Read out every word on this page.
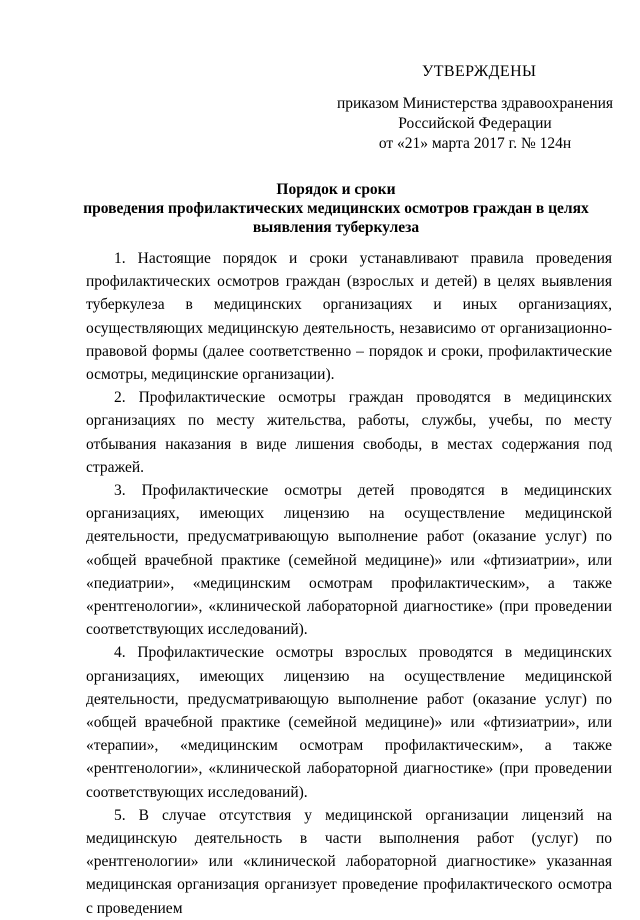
УТВЕРЖДЕНЫ
приказом Министерства здравоохранения
Российской Федерации
от «21» марта 2017 г. № 124н
Порядок и сроки
проведения профилактических медицинских осмотров граждан в целях
выявления туберкулеза

1. Настоящие порядок и сроки устанавливают правила проведения профилактических осмотров граждан (взрослых и детей) в целях выявления туберкулеза в медицинских организациях и иных организациях, осуществляющих медицинскую деятельность, независимо от организационно-правовой формы (далее соответственно – порядок и сроки, профилактические осмотры, медицинские организации).

2. Профилактические осмотры граждан проводятся в медицинских организациях по месту жительства, работы, службы, учебы, по месту отбывания наказания в виде лишения свободы, в местах содержания под стражей.

3. Профилактические осмотры детей проводятся в медицинских организациях, имеющих лицензию на осуществление медицинской деятельности, предусматривающую выполнение работ (оказание услуг) по «общей врачебной практике (семейной медицине)» или «фтизиатрии», или «педиатрии», «медицинским осмотрам профилактическим», а также «рентгенологии», «клинической лабораторной диагностике» (при проведении соответствующих исследований).

4. Профилактические осмотры взрослых проводятся в медицинских организациях, имеющих лицензию на осуществление медицинской деятельности, предусматривающую выполнение работ (оказание услуг) по «общей врачебной практике (семейной медицине)» или «фтизиатрии», или «терапии», «медицинским осмотрам профилактическим», а также «рентгенологии», «клинической лабораторной диагностике» (при проведении соответствующих исследований).

5. В случае отсутствия у медицинской организации лицензий на медицинскую деятельность в части выполнения работ (услуг) по «рентгенологии» или «клинической лабораторной диагностике» указанная медицинская организация организует проведение профилактического осмотра с проведением
